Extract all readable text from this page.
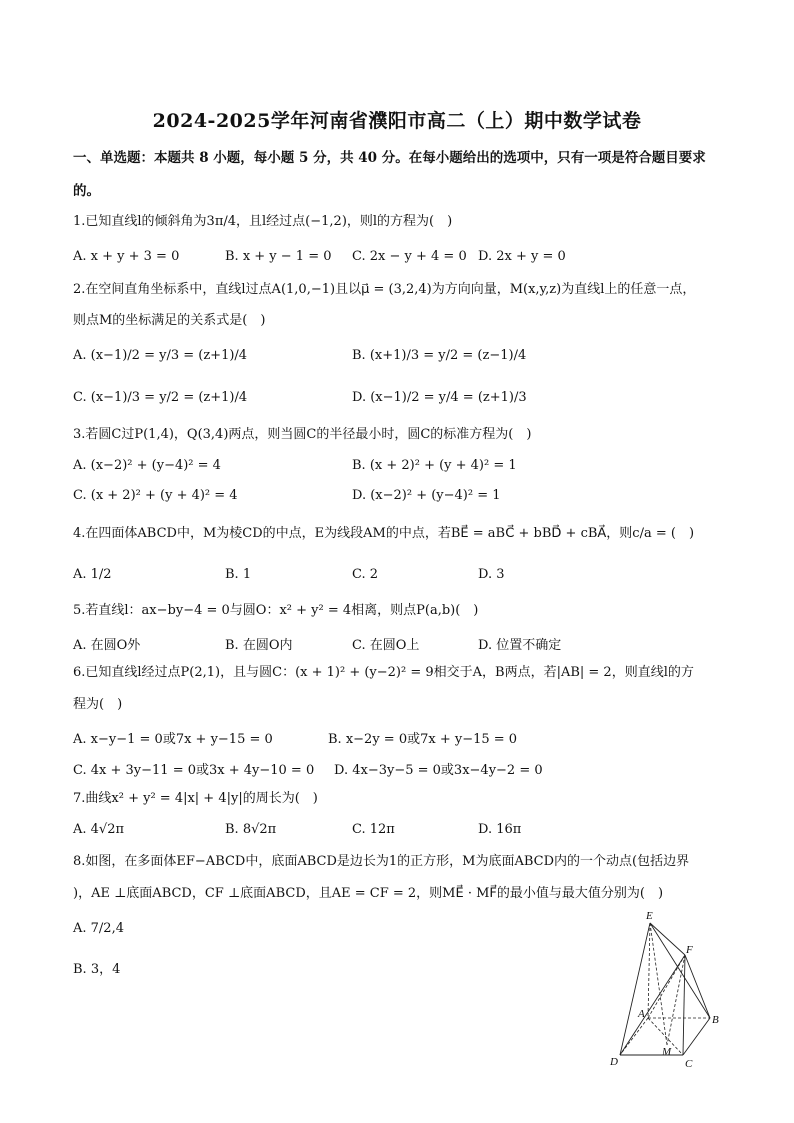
2024-2025学年河南省濮阳市高二（上）期中数学试卷
一、单选题：本题共 8 小题，每小题 5 分，共 40 分。在每小题给出的选项中，只有一项是符合题目要求
的。
1.已知直线l的倾斜角为3π/4，且l经过点(−1,2)，则l的方程为(　)
A. x + y + 3 = 0	B. x + y − 1 = 0 C. 2x − y + 4 = 0 D. 2x + y = 0
2.在空间直角坐标系中，直线l过点A(1,0,−1)且以μ⃗ = (3,2,4)为方向向量，M(x,y,z)为直线l上的任意一点，
则点M的坐标满足的关系式是(　)
A. (x−1)/2 = y/3 = (z+1)/4	B. (x+1)/3 = y/2 = (z−1)/4
C. (x−1)/3 = y/2 = (z+1)/4	D. (x−1)/2 = y/4 = (z+1)/3
3.若圆C过P(1,4)，Q(3,4)两点，则当圆C的半径最小时，圆C的标准方程为(　)
A. (x−2)² + (y−4)² = 4	B. (x + 2)² + (y + 4)² = 1
C. (x + 2)² + (y + 4)² = 4	D. (x−2)² + (y−4)² = 1
4.在四面体ABCD中，M为棱CD的中点，E为线段AM的中点，若BE⃗ = aBC⃗ + bBD⃗ + cBA⃗，则c/a = (　)
A. 1/2	B. 1	C. 2	D. 3
5.若直线l：ax−by−4 = 0与圆O：x² + y² = 4相离，则点P(a,b)(　)
A. 在圆O外	B. 在圆O内	C. 在圆O上	D. 位置不确定
6.已知直线l经过点P(2,1)，且与圆C：(x + 1)² + (y−2)² = 9相交于A，B两点，若|AB| = 2，则直线l的方
程为(　)
A. x−y−1 = 0或7x + y−15 = 0	B. x−2y = 0或7x + y−15 = 0
C. 4x + 3y−11 = 0或3x + 4y−10 = 0 D. 4x−3y−5 = 0或3x−4y−2 = 0
7.曲线x² + y² = 4|x| + 4|y|的周长为(　)
A. 4√2π	B. 8√2π	C. 12π	D. 16π
8.如图，在多面体EF−ABCD中，底面ABCD是边长为1的正方形，M为底面ABCD内的一个动点(包括边界
)，AE ⊥底面ABCD，CF ⊥底面ABCD，且AE = CF = 2，则ME⃗ · MF⃗的最小值与最大值分别为(　)
A. 7/2,4
B. 3，4
E
F
A	B
D
M
C
